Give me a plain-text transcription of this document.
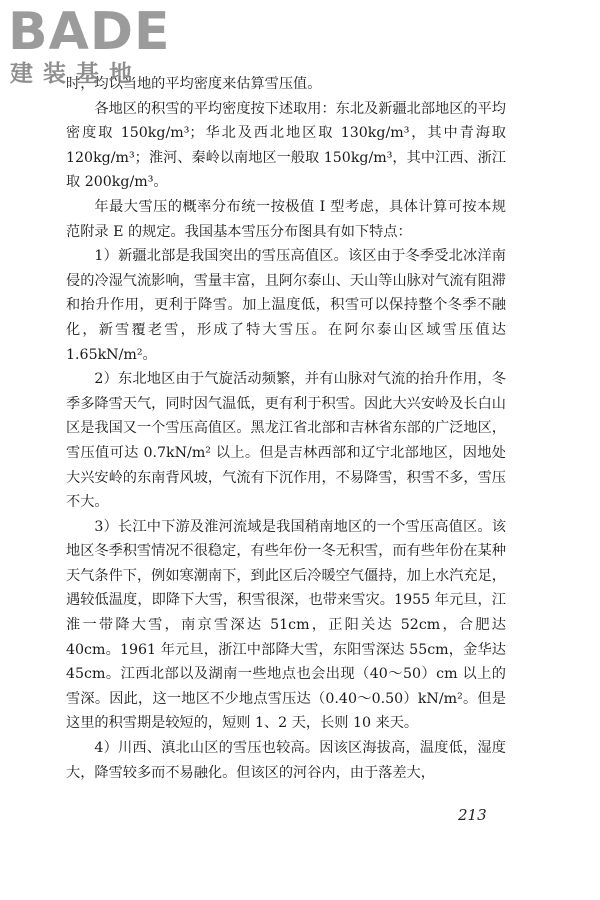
BADE
建装基地

时，均以当地的平均密度来估算雪压值。

各地区的积雪的平均密度按下述取用：东北及新疆北部地区的平均密度取 150kg/m³；华北及西北地区取 130kg/m³，其中青海取 120kg/m³；淮河、秦岭以南地区一般取 150kg/m³，其中江西、浙江取 200kg/m³。

年最大雪压的概率分布统一按极值 I 型考虑，具体计算可按本规范附录 E 的规定。我国基本雪压分布图具有如下特点：

1）新疆北部是我国突出的雪压高值区。该区由于冬季受北冰洋南侵的冷湿气流影响，雪量丰富，且阿尔泰山、天山等山脉对气流有阻滞和抬升作用，更利于降雪。加上温度低，积雪可以保持整个冬季不融化，新雪覆老雪，形成了特大雪压。在阿尔泰山区域雪压值达 1.65kN/m²。

2）东北地区由于气旋活动频繁，并有山脉对气流的抬升作用，冬季多降雪天气，同时因气温低，更有利于积雪。因此大兴安岭及长白山区是我国又一个雪压高值区。黑龙江省北部和吉林省东部的广泛地区，雪压值可达 0.7kN/m² 以上。但是吉林西部和辽宁北部地区，因地处大兴安岭的东南背风坡，气流有下沉作用，不易降雪，积雪不多，雪压不大。

3）长江中下游及淮河流域是我国稍南地区的一个雪压高值区。该地区冬季积雪情况不很稳定，有些年份一冬无积雪，而有些年份在某种天气条件下，例如寒潮南下，到此区后冷暖空气僵持，加上水汽充足，遇较低温度，即降下大雪，积雪很深，也带来雪灾。1955 年元旦，江淮一带降大雪，南京雪深达 51cm，正阳关达 52cm，合肥达 40cm。1961 年元旦，浙江中部降大雪，东阳雪深达 55cm，金华达 45cm。江西北部以及湖南一些地点也会出现（40～50）cm 以上的雪深。因此，这一地区不少地点雪压达（0.40～0.50）kN/m²。但是这里的积雪期是较短的，短则 1、2 天，长则 10 来天。

4）川西、滇北山区的雪压也较高。因该区海拔高，温度低，湿度大，降雪较多而不易融化。但该区的河谷内，由于落差大，

213
